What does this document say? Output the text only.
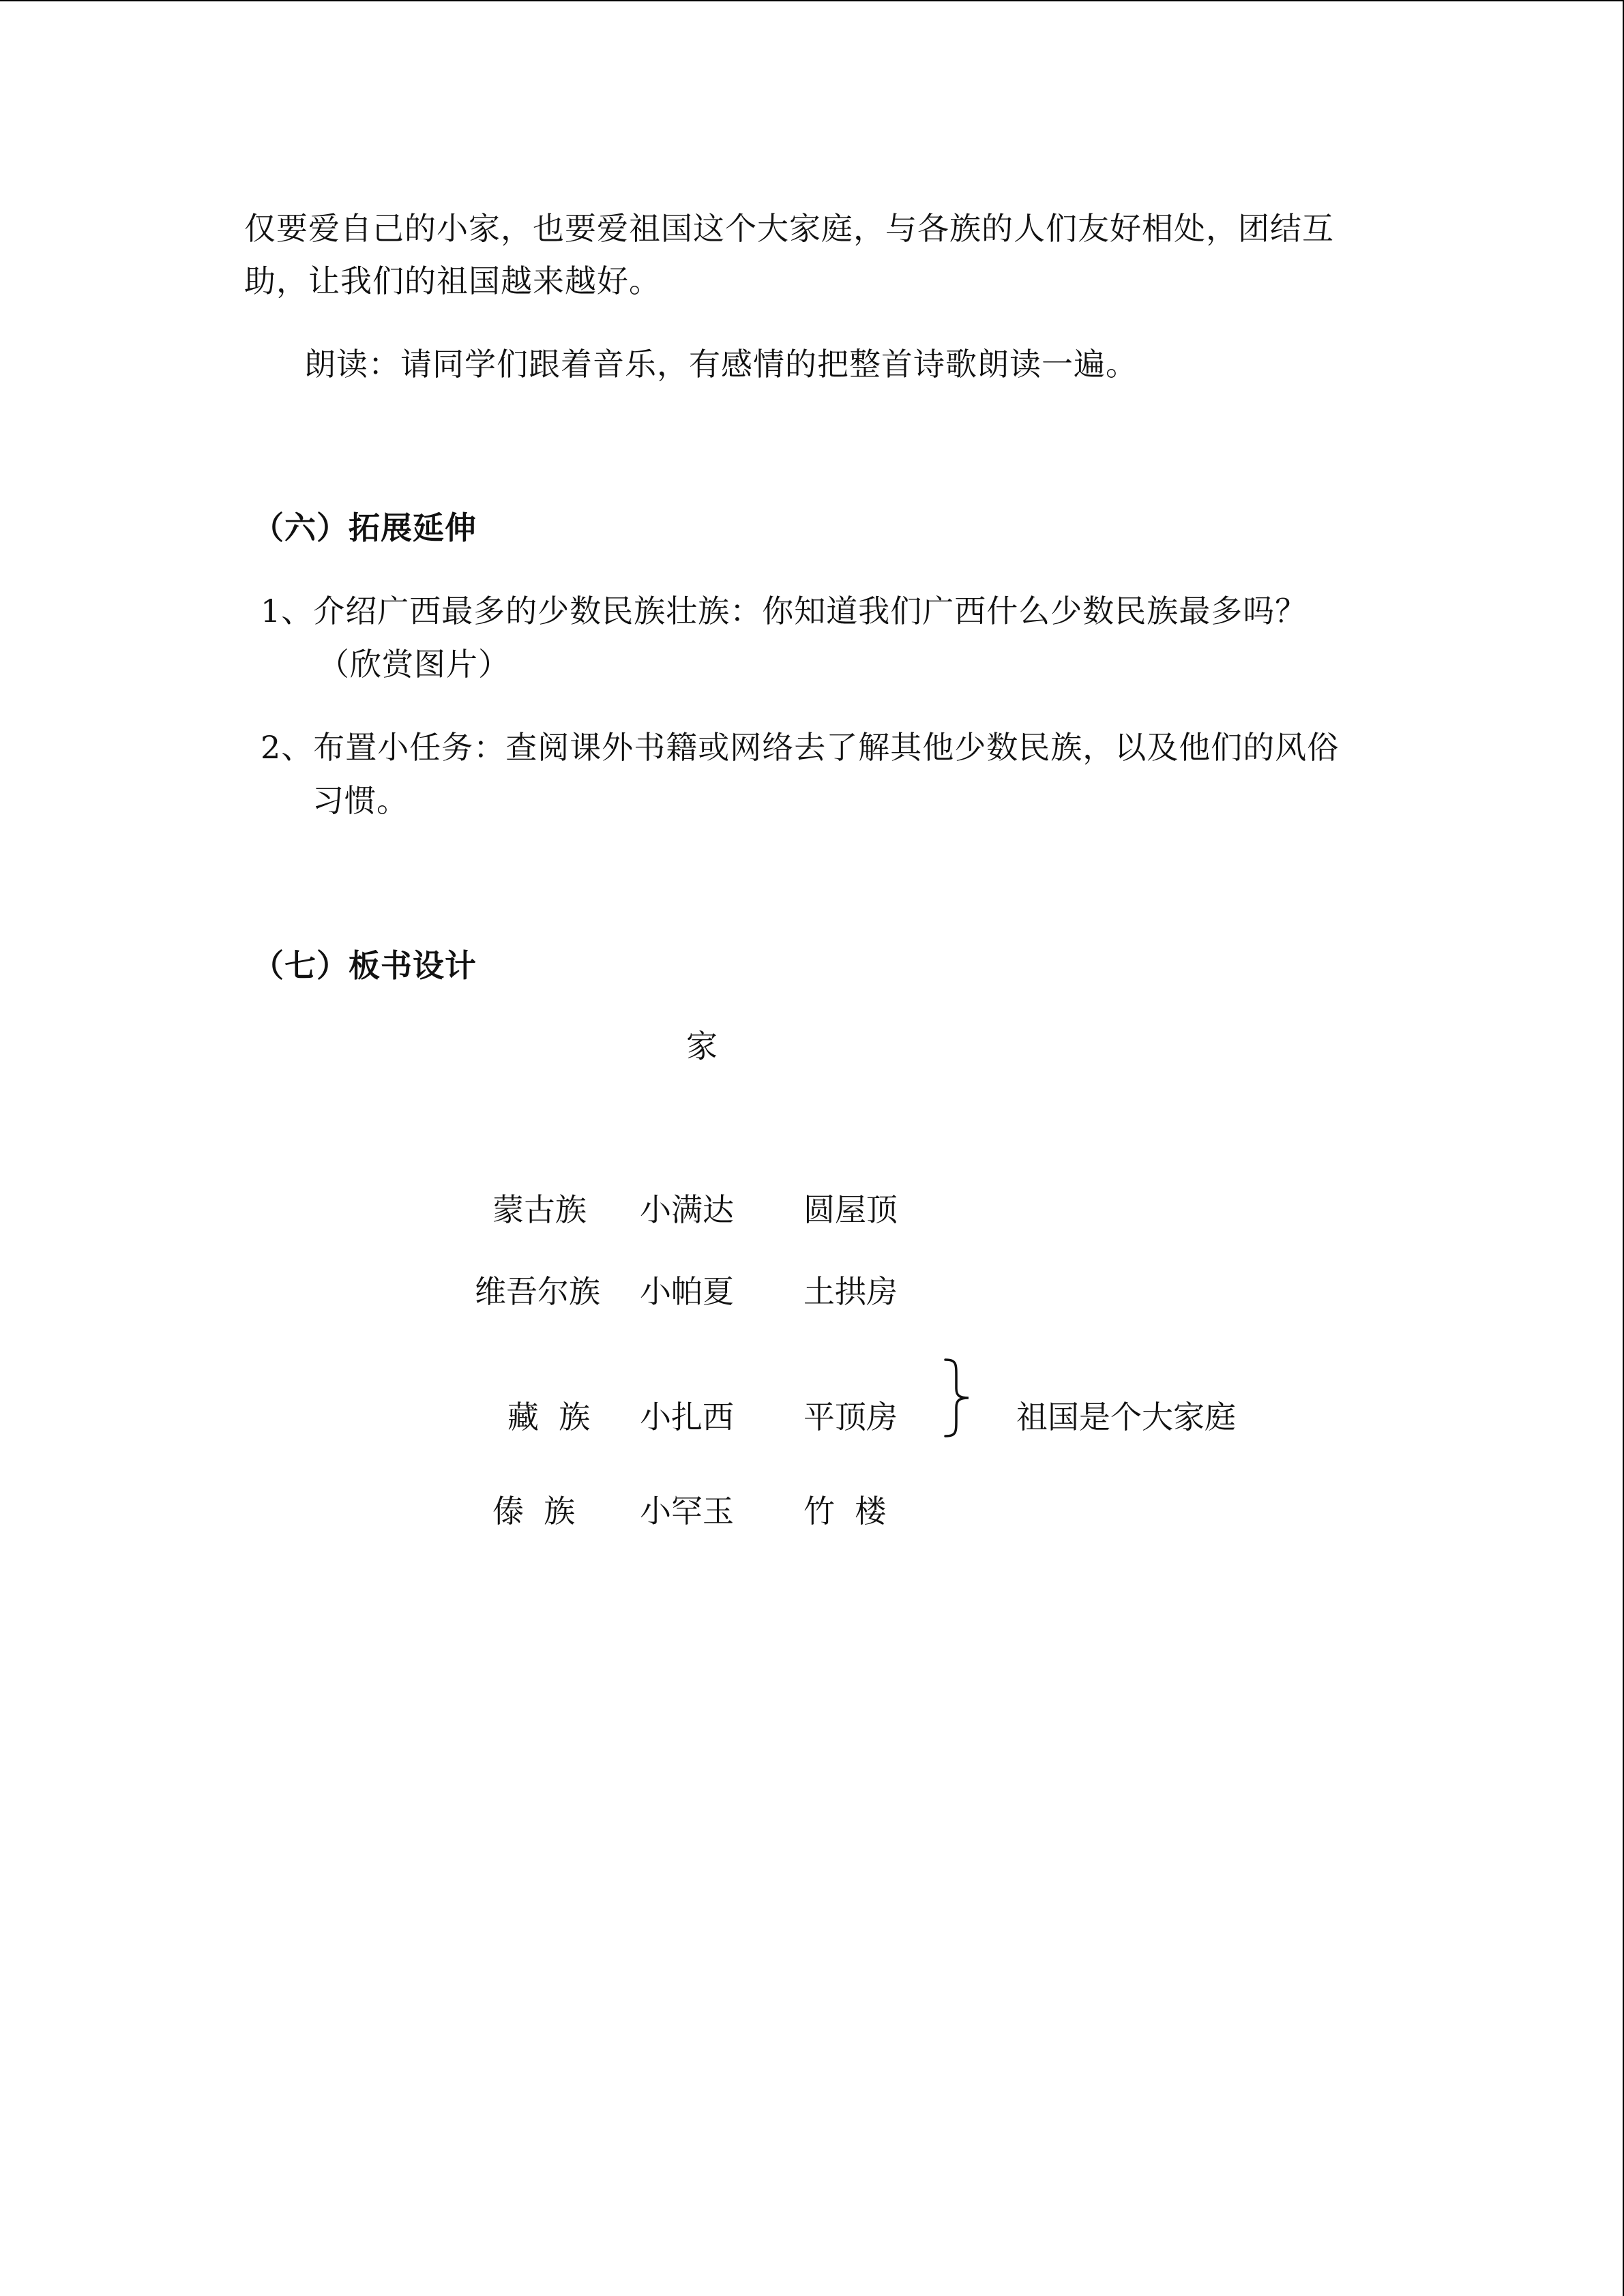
仅要爱自己的小家，也要爱祖国这个大家庭，与各族的人们友好相处，团结互
助，让我们的祖国越来越好。
朗读：请同学们跟着音乐，有感情的把整首诗歌朗读一遍。
（六）拓展延伸
1、介绍广西最多的少数民族壮族：你知道我们广西什么少数民族最多吗？
（欣赏图片）
2、布置小任务：查阅课外书籍或网络去了解其他少数民族，以及他们的风俗
习惯。
（七）板书设计
家
蒙古族 小满达 圆屋顶
维吾尔族 小帕夏 土拱房
藏  族 小扎西 平顶房
傣  族 小罕玉 竹  楼
祖国是个大家庭
